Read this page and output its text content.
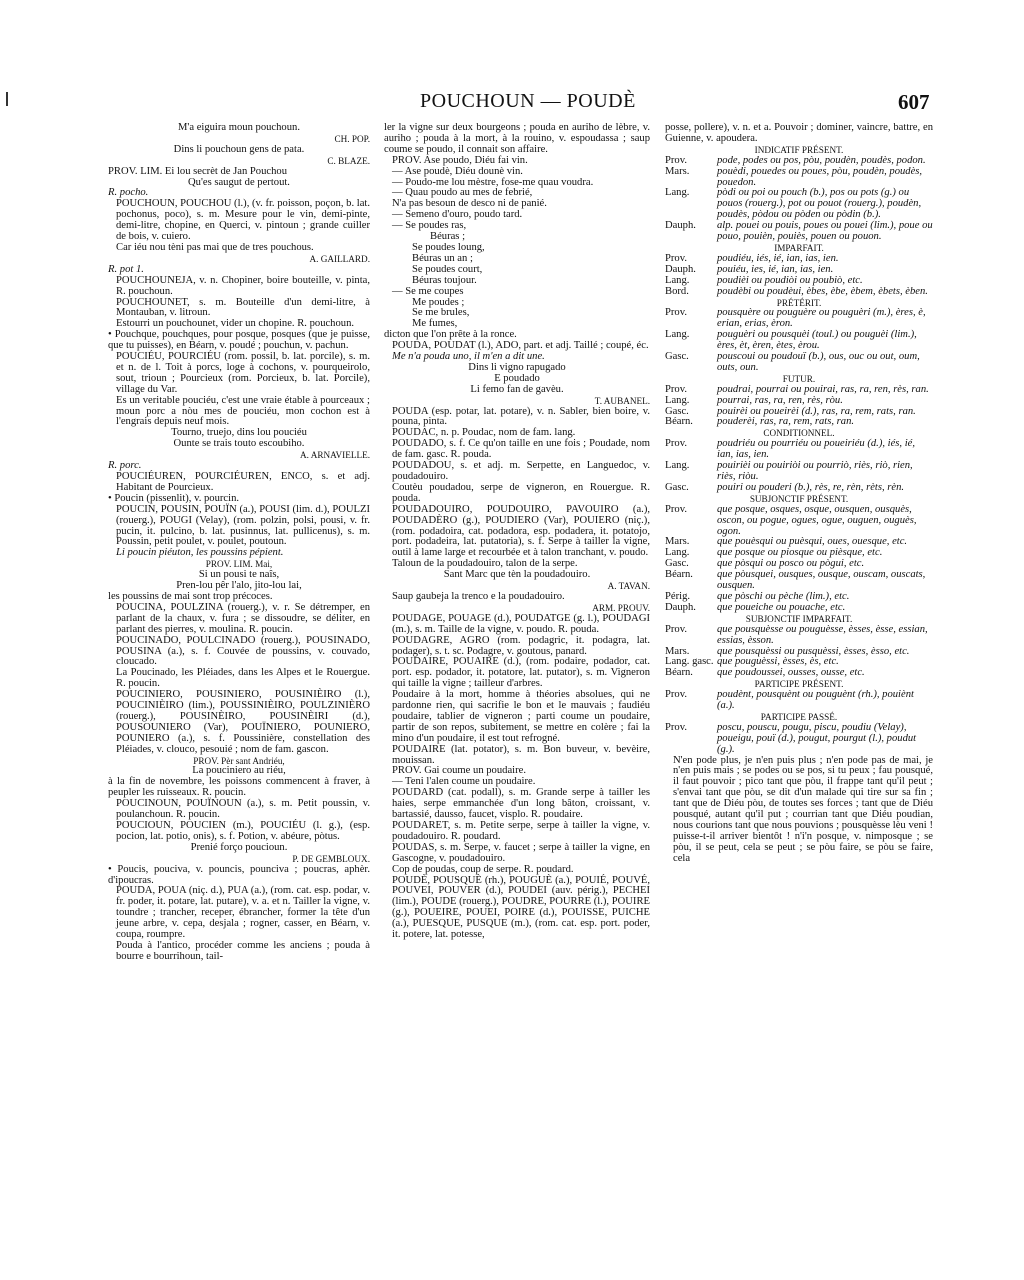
POUCHOUN — POUDÈ	607

M'a eiguira moun pouchoun.

CH. POP.

Dins li pouchoun gens de pata.

C. BLAZE.

PROV. LIM. Ei lou secrèt de Jan Pouchou

Qu'es saugut de pertout.

R. pocho.

POUCHOUN, POUCHOU (l.), (v. fr. poisson, poçon, b. lat. pochonus, poco), s. m. Mesure pour le vin, demi-pinte, demi-litre, chopine, en Querci, v. pintoun ; grande cuiller de bois, v. cuiero.

Car iéu nou tèni pas mai que de tres pouchous.

A. GAILLARD.

R. pot 1.

POUCHOUNEJA, v. n. Chopiner, boire bouteille, v. pinta, R. pouchoun.

POUCHOUNET, s. m. Bouteille d'un demi-litre, à Montauban, v. litroun.

Estourri un pouchounet, vider un chopine. R. pouchoun.

• Pouchque, pouchques, pour posque, posques (que je puisse, que tu puisses), en Béarn, v. poudé ; pouchun, v. pachun.

POUCIÉU, POURCIÉU (rom. possil, b. lat. porcile), s. m. et n. de l. Toit à porcs, loge à cochons, v. pourqueirolo, sout, trioun ; Pourcieux (rom. Porcieux, b. lat. Porcile), village du Var.

Es un veritable pouciéu, c'est une vraie étable à pourceaux ; moun porc a nòu mes de pouciéu, mon cochon est à l'engrais depuis neuf mois.

Tourno, truejo, dins lou pouciéu

Ounte se trais touto escoubiho.

A. ARNAVIELLE.

R. porc.

POUCIÉUREN, POURCIÉUREN, ENCO, s. et adj. Habitant de Pourcieux.

• Poucin (pissenlit), v. pourcin.

POUCIN, POUSIN, POUÏN (a.), POUSI (lim. d.), POULZI (rouerg.), POUGI (Velay), (rom. polzin, polsi, pousi, v. fr. pucin, it. pulcino, b. lat. pusinnus, lat. pullicenus), s. m. Poussin, petit poulet, v. poulet, poutoun.

Li poucin piéuton, les poussins pépient.

PROV. LIM. Mai,

Si un pousi te naîs,

Pren-lou pêr l'alo, jito-lou lai,

les poussins de mai sont trop précoces.

POUCINA, POULZINA (rouerg.), v. r. Se détremper, en parlant de la chaux, v. fura ; se dissoudre, se déliter, en parlant des pierres, v. moulina. R. poucin.

POUCINADO, POULCINADO (rouerg.), POUSINADO, POUSINA (a.), s. f. Couvée de poussins, v. couvado, cloucado.

La Poucinado, les Pléiades, dans les Alpes et le Rouergue. R. poucin.

POUCINIERO, POUSINIERO, POUSINIÈIRO (l.), POUCINIÈIRO (lim.), POUSSINIÈIRO, POULZINIÈRO (rouerg.), POUSINÈIRO, POUSINÈIRI (d.), POUSOUNIERO (Var), POUÏNIERO, POUNIERO, POUNIERO (a.), s. f. Poussinière, constellation des Pléiades, v. clouco, pesouié ; nom de fam. gascon.

PROV. Pèr sant Andriéu,

La pouciniero au riéu,

à la fin de novembre, les poissons commencent à fraver, à peupler les ruisseaux. R. poucin.

POUCINOUN, POUÏNOUN (a.), s. m. Petit poussin, v. poulanchoun. R. poucin.

POUCIOUN, POUCIEN (m.), POUCIÉU (l. g.), (esp. pocion, lat. potio, onis), s. f. Potion, v. abéure, pòtus.

Prenié forço poucioun.

P. DE GEMBLOUX.

• Poucis, pouciva, v. pouncis, pounciva ; poucras, aphèr. d'ipoucras.

POUDA, POUA (niç. d.), PUA (a.), (rom. cat. esp. podar, v. fr. poder, it. potare, lat. putare), v. a. et n. Tailler la vigne, v. toundre ; trancher, receper, ébrancher, former la tête d'un jeune arbre, v. cepa, desjala ; rogner, casser, en Béarn, v. coupa, roumpre.

Pouda à l'antico, procéder comme les anciens ; pouda à bourre e bourrihoun, tail-

ler la vigne sur deux bourgeons ; pouda en auriho de lèbre, v. auriho ; pouda à la mort, à la rouino, v. espoudassa ; saup coume se poudo, il connait son affaire.

PROV. Ase poudo, Diéu fai vin.

— Ase poudè, Diéu dounè vin.

— Poudo-me lou mèstre, fose-me quau voudra.

— Quau poudo au mes de febrié,

N'a pas besoun de desco ni de panié.

— Semeno d'ouro, poudo tard.

— Se poudes ras,

Béuras ;

Se poudes loung,

Béuras un an ;

Se poudes court,

Béuras toujour.

— Se me coupes

Me poudes ;

Se me brules,

Me fumes,

dicton que l'on prête à la ronce.

POUDA, POUDAT (l.), ADO, part. et adj. Taillé ; coupé, éc.

Me n'a pouda uno, il m'en a dit une.

Dins li vigno rapugado

E poudado

Li femo fan de gavèu.

T. AUBANEL.

POUDA (esp. potar, lat. potare), v. n. Sabler, bien boire, v. pouna, pinta.

POUDAC, n. p. Poudac, nom de fam. lang.

POUDADO, s. f. Ce qu'on taille en une fois ; Poudade, nom de fam. gasc. R. pouda.

POUDADOU, s. et adj. m. Serpette, en Languedoc, v. poudadouiro.

Coutèu poudadou, serpe de vigneron, en Rouergue. R. pouda.

POUDADOUIRO, POUDOUIRO, PAVOUIRO (a.), POUDADÈRO (g.), POUDIERO (Var), POUIERO (niç.), (rom. podadoira, cat. podadora, esp. podadera, it. potatojo, port. podadeira, lat. putatoria), s. f. Serpe à tailler la vigne, outil à lame large et recourbée et à talon tranchant, v. poudo.

Taloun de la poudadouiro, talon de la serpe.

Sant Marc que tèn la poudadouiro.

A. TAVAN.

Saup gaubeja la trenco e la poudadouiro.

ARM. PROUV.

POUDAGE, POUAGE (d.), POUDATGE (g. l.), POUDAGI (m.), s. m. Taille de la vigne, v. poudo. R. pouda.

POUDAGRE, AGRO (rom. podagric, it. podagra, lat. podager), s. t. sc. Podagre, v. goutous, panard.

POUDAIRE, POUAIRE (d.), (rom. podaire, podador, cat. port. esp. podador, it. potatore, lat. putator), s. m. Vigneron qui taille la vigne ; tailleur d'arbres.

Poudaire à la mort, homme à théories absolues, qui ne pardonne rien, qui sacrifie le bon et le mauvais ; faudiéu poudaire, tablier de vigneron ; parti coume un poudaire, partir de son repos, subitement, se mettre en colère ; fai la mino d'un poudaire, il est tout refrogné.

POUDAIRE (lat. potator), s. m. Bon buveur, v. bevèire, mouissan.

PROV. Gai coume un poudaire.

— Teni l'alen coume un poudaire.

POUDARD (cat. podall), s. m. Grande serpe à tailler les haies, serpe emmanchée d'un long bâton, croissant, v. bartassié, dausso, faucet, visplo. R. poudaire.

POUDARET, s. m. Petite serpe, serpe à tailler la vigne, v. poudadouiro. R. poudard.

POUDAS, s. m. Serpe, v. faucet ; serpe à tailler la vigne, en Gascogne, v. poudadouiro.

Cop de poudas, coup de serpe. R. poudard.

POUDÈ, POUSQUÈ (rh.), POUGUÈ (a.), POUIÉ, POUVÉ, POUVEI, POUVER (d.), POUDEI (auv. périg.), PECHEI (lim.), POUDE (rouerg.), POUDRE, POURRE (l.), POUIRE (g.), POUEIRE, POUEI, POIRE (d.), POUISSE, PUICHE (a.), PUESQUE, PUSQUE (m.), (rom. cat. esp. port. poder, it. potere, lat. potesse,

posse, pollere), v. n. et a. Pouvoir ; dominer, vaincre, battre, en Guienne, v. apoudera.

INDICATIF PRÉSENT.

Prov.	pode, podes ou pos, pòu, poudèn, poudès, podon.
Mars.	pouèdi, pouedes ou poues, pòu, poudèn, poudès, pouedon.
Lang.	pòdi ou poi ou pouch (b.), pos ou pots (g.) ou pouos (rouerg.), pot ou pouot (rouerg.), poudèn, poudès, pòdou ou pòden ou pòdin (b.).
Dauph.	alp. pouei ou pouis, poues ou pouei (lim.), poue ou pouo, pouièn, pouiès, pouen ou pouon.

IMPARFAIT.

Prov.	poudiéu, iés, ié, ian, ias, ien.
Dauph.	pouiéu, ies, ié, ian, ias, ien.
Lang.	poudièi ou poudiòi ou poubiò, etc.
Bord.	poudèbi ou poudèui, èbes, èbe, èbem, èbets, èben.

PRÉTÉRIT.

Prov.	pousquère ou pouguère ou pouguèri (m.), ères, è, erian, erias, èron.
Lang.	pouguèri ou pousquèi (toul.) ou pouguèi (lim.), ères, èt, èren, ètes, èrou.
Gasc.	pouscoui ou poudouï (b.), ous, ouc ou out, oum, outs, oun.

FUTUR.

Prov.	poudrai, pourrai ou pouirai, ras, ra, ren, rès, ran.
Lang.	pourrai, ras, ra, ren, rès, ròu.
Gasc.	pouirèi ou poueirèi (d.), ras, ra, rem, rats, ran.
Béarn.	pouderèi, ras, ra, rem, rats, ran.

CONDITIONNEL.

Prov.	poudriéu ou pourriéu ou poueiriéu (d.), iés, ié, ian, ias, ien.
Lang.	pouirièi ou pouiriòi ou pourriò, riès, riò, rien, riès, riòu.
Gasc.	pouiri ou pouderi (b.), rès, re, rèn, rèts, rèn.

SUBJONCTIF PRÉSENT.

Prov.	que posque, osques, osque, ousquen, ousquès, oscon, ou pogue, ogues, ogue, ouguen, ouguès, ogon.
Mars.	que pouèsqui ou puèsqui, oues, ouesque, etc.
Lang.	que posque ou piosque ou pièsque, etc.
Gasc.	que pòsqui ou posco ou pògui, etc.
Béarn.	que pòusquei, ousques, ousque, ouscam, ouscats, ousquen.
Périg.	que pòschi ou pèche (lim.), etc.
Dauph.	que poueiche ou pouache, etc.

SUBJONCTIF IMPARFAIT.

Prov.	que pousquèsse ou pouguèsse, èsses, èsse, essian, essias, èsson.
Mars.	que pousquèssi ou pusquèssi, èsses, èsso, etc.
Lang. gasc. que pouguèssi, èsses, ès, etc.
Béarn.	que poudoussei, ousses, ousse, etc.

PARTICIPE PRÉSENT.

Prov.	poudènt, pousquènt ou pouguènt (rh.), pouiènt (a.).

PARTICIPE PASSÉ.

Prov.	poscu, pouscu, pougu, piscu, poudiu (Velay), poueigu, pouï (d.), pougut, pourgut (l.), poudut (g.).

N'en pode plus, je n'en puis plus ; n'en pode pas de mai, je n'en puis mais ; se podes ou se pos, si tu peux ; fau pousqué, il faut pouvoir ; pico tant que pòu, il frappe tant qu'il peut ; s'envai tant que pòu, se dit d'un malade qui tire sur sa fin ; tant que de Diéu pòu, de toutes ses forces ; tant que de Diéu pousqué, autant qu'il put ; courrian tant que Diéu poudian, nous courions tant que nous pouvions ; pousquèsse lèu veni ! puisse-t-il arriver bientôt ! n'i'n posque, v. nimposque ; se pòu, il se peut, cela se peut ; se pòu faire, se pòu se faire, cela
